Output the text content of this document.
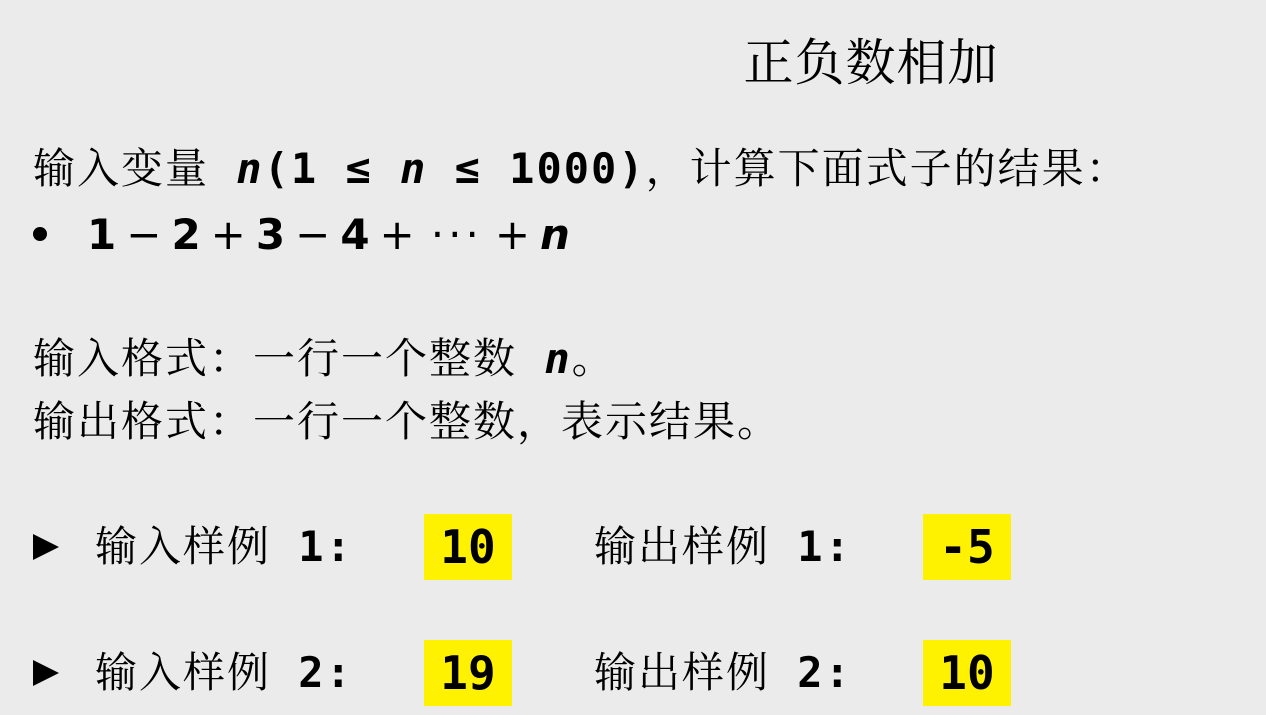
正负数相加
输入变量 n(1 ≤ n ≤ 1000)，计算下面式子的结果：
1 − 2 + 3 − 4 + ··· + n
输入格式：一行一个整数 n。
输出格式：一行一个整数，表示结果。
输入样例 1:	10	输出样例 1:	-5
输入样例 2:	19	输出样例 2:	10
